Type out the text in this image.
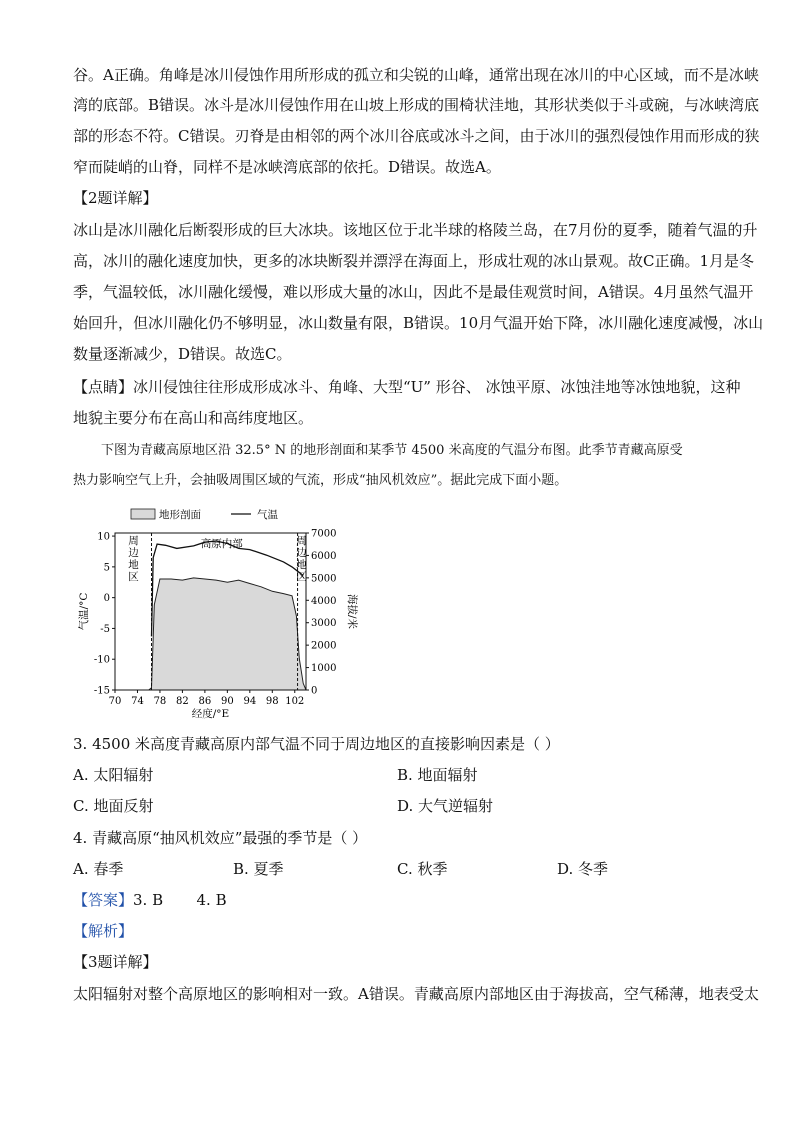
谷。A正确。角峰是冰川侵蚀作用所形成的孤立和尖锐的山峰，通常出现在冰川的中心区域，而不是冰峡
湾的底部。B错误。冰斗是冰川侵蚀作用在山坡上形成的围椅状洼地，其形状类似于斗或碗，与冰峡湾底
部的形态不符。C错误。刃脊是由相邻的两个冰川谷底或冰斗之间，由于冰川的强烈侵蚀作用而形成的狭
窄而陡峭的山脊，同样不是冰峡湾底部的依托。D错误。故选A。
【2题详解】
冰山是冰川融化后断裂形成的巨大冰块。该地区位于北半球的格陵兰岛，在7月份的夏季，随着气温的升
高，冰川的融化速度加快，更多的冰块断裂并漂浮在海面上，形成壮观的冰山景观。故C正确。1月是冬
季，气温较低，冰川融化缓慢，难以形成大量的冰山，因此不是最佳观赏时间，A错误。4月虽然气温开
始回升，但冰川融化仍不够明显，冰山数量有限，B错误。10月气温开始下降，冰川融化速度减慢，冰山
数量逐渐减少，D错误。故选C。
【点睛】冰川侵蚀往往形成形成冰斗、角峰、大型“U” 形谷、 冰蚀平原、冰蚀洼地等冰蚀地貌，这种
地貌主要分布在高山和高纬度地区。
下图为青藏高原地区沿 32.5° N 的地形剖面和某季节 4500 米高度的气温分布图。此季节青藏高原受
热力影响空气上升，会抽吸周围区域的气流，形成“抽风机效应”。据此完成下面小题。
70 74 78 82 86 90 94 98 102
10
5
0
-5
-10
-15
7000
6000
5000
4000
3000
2000
1000
0
经度/°E
气温/°C	海拔/米
地形剖面	气温
周
边
地
区
高原内部	周
边
地
区
3. 4500 米高度青藏高原内部气温不同于周边地区的直接影响因素是（ ）
A. 太阳辐射	B. 地面辐射
C. 地面反射	D. 大气逆辐射
4. 青藏高原“抽风机效应”最强的季节是（ ）
A. 春季	B. 夏季	C. 秋季	D. 冬季
【答案】3. B       4. B
【解析】
【3题详解】
太阳辐射对整个高原地区的影响相对一致。A错误。青藏高原内部地区由于海拔高，空气稀薄，地表受太
